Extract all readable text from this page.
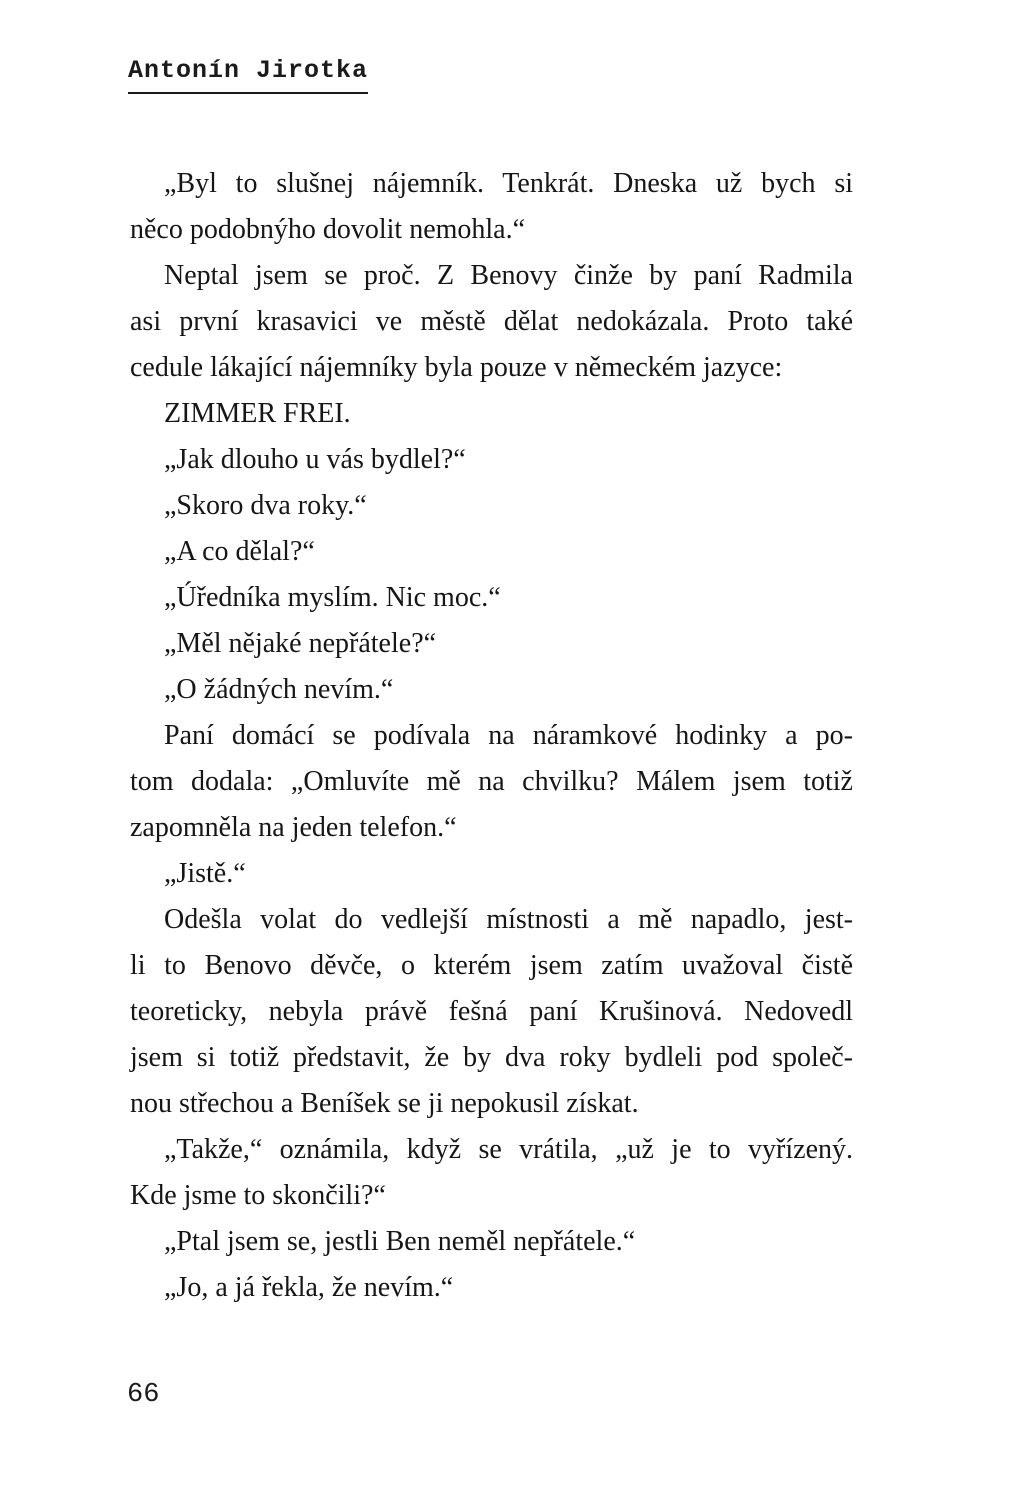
Antonín Jirotka

„Byl to slušnej nájemník. Tenkrát. Dneska už bych si
něco podobnýho dovolit nemohla.“

Neptal jsem se proč. Z Benovy činže by paní Radmila
asi první krasavici ve městě dělat nedokázala. Proto také
cedule lákající nájemníky byla pouze v německém jazyce:

ZIMMER FREI.

„Jak dlouho u vás bydlel?“

„Skoro dva roky.“

„A co dělal?“

„Úředníka myslím. Nic moc.“

„Měl nějaké nepřátele?“

„O žádných nevím.“

Paní domácí se podívala na náramkové hodinky a po-
tom dodala: „Omluvíte mě na chvilku? Málem jsem totiž
zapomněla na jeden telefon.“

„Jistě.“

Odešla volat do vedlejší místnosti a mě napadlo, jest-
li to Benovo děvče, o kterém jsem zatím uvažoval čistě
teoreticky, nebyla právě fešná paní Krušinová. Nedovedl
jsem si totiž představit, že by dva roky bydleli pod společ-
nou střechou a Beníšek se ji nepokusil získat.

„Takže,“ oznámila, když se vrátila, „už je to vyřízený.
Kde jsme to skončili?“

„Ptal jsem se, jestli Ben neměl nepřátele.“

„Jo, a já řekla, že nevím.“

66
